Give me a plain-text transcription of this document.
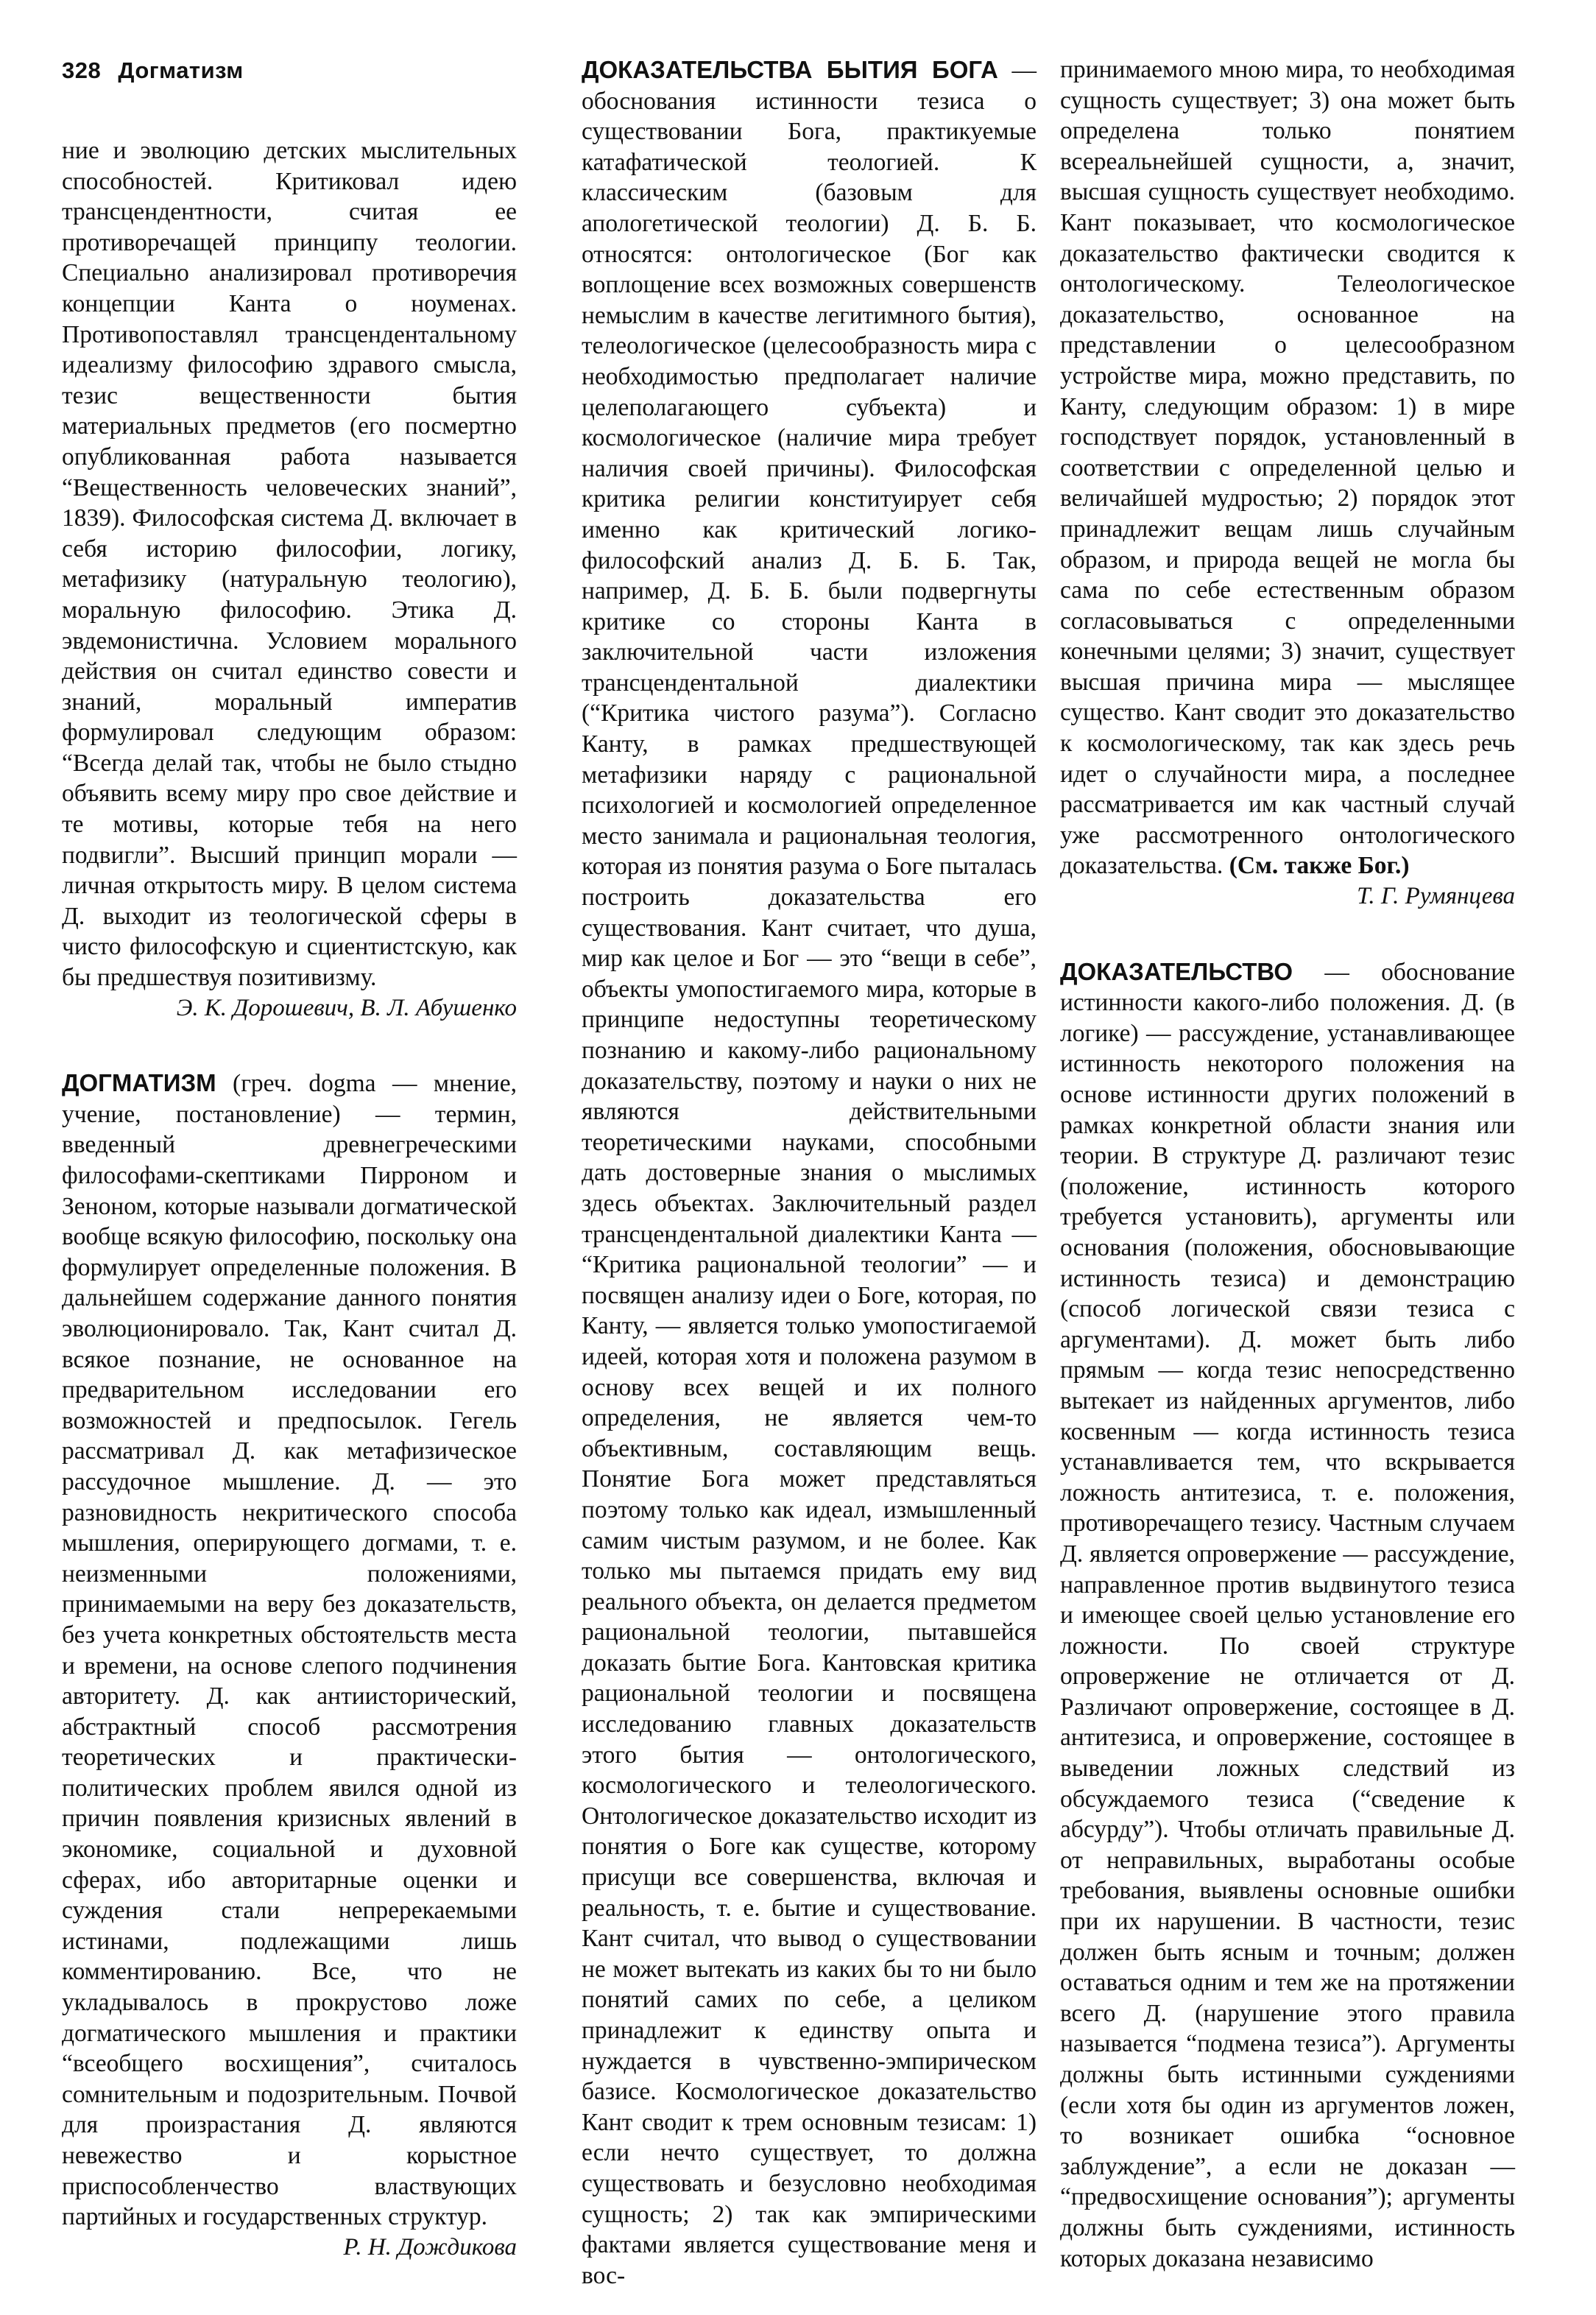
328 Догматизм

ние и эволюцию детских мыслительных способностей. Критиковал идею трансцендентности, считая ее противоречащей принципу теологии. Специально анализировал противоречия концепции Канта о ноуменах. Противопоставлял трансцендентальному идеализму философию здравого смысла, тезис вещественности бытия материальных предметов (его посмертно опубликованная работа называется “Вещественность человеческих знаний”, 1839). Философская система Д. включает в себя историю философии, логику, метафизику (натуральную теологию), моральную философию. Этика Д. эвдемонистична. Условием морального действия он считал единство совести и знаний, моральный императив формулировал следующим образом: “Всегда делай так, чтобы не было стыдно объявить всему миру про свое действие и те мотивы, которые тебя на него подвигли”. Высший принцип морали — личная открытость миру. В целом система Д. выходит из теологической сферы в чисто философскую и сциентистскую, как бы предшествуя позитивизму.

Э. К. Дорошевич, В. Л. Абушенко

ДОГМАТИЗМ (греч. dogma — мнение, учение, постановление) — термин, введенный древнегреческими философами-скептиками Пирроном и Зеноном, которые называли догматической вообще всякую философию, поскольку она формулирует определенные положения. В дальнейшем содержание данного понятия эволюционировало. Так, Кант считал Д. всякое познание, не основанное на предварительном исследовании его возможностей и предпосылок. Гегель рассматривал Д. как метафизическое рассудочное мышление. Д. — это разновидность некритического способа мышления, оперирующего догмами, т. е. неизменными положениями, принимаемыми на веру без доказательств, без учета конкретных обстоятельств места и времени, на основе слепого подчинения авторитету. Д. как антиисторический, абстрактный способ рассмотрения теоретических и практически-политических проблем явился одной из причин появления кризисных явлений в экономике, социальной и духовной сферах, ибо авторитарные оценки и суждения стали непререкаемыми истинами, подлежащими лишь комментированию. Все, что не укладывалось в прокрустово ложе догматического мышления и практики “всеобщего восхищения”, считалось сомнительным и подозрительным. Почвой для произрастания Д. являются невежество и корыстное приспособленчество властвующих партийных и государственных структур.

Р. Н. Дождикова

ДОКАЗАТЕЛЬСТВА БЫТИЯ БОГА — обоснования истинности тезиса о существовании Бога, практикуемые катафатической теологией. К классическим (базовым для апологетической теологии) Д. Б. Б. относятся: онтологическое (Бог как воплощение всех возможных совершенств немыслим в качестве легитимного бытия), телеологическое (целесообразность мира с необходимостью предполагает наличие целеполагающего субъекта) и космологическое (наличие мира требует наличия своей причины). Философская критика религии конституирует себя именно как критический логико-философский анализ Д. Б. Б. Так, например, Д. Б. Б. были подвергнуты критике со стороны Канта в заключительной части изложения трансцендентальной диалектики (“Критика чистого разума”). Согласно Канту, в рамках предшествующей метафизики наряду с рациональной психологией и космологией определенное место занимала и рациональная теология, которая из понятия разума о Боге пыталась построить доказательства его существования. Кант считает, что душа, мир как целое и Бог — это “вещи в себе”, объекты умопостигаемого мира, которые в принципе недоступны теоретическому познанию и какому-либо рациональному доказательству, поэтому и науки о них не являются действительными теоретическими науками, способными дать достоверные знания о мыслимых здесь объектах. Заключительный раздел трансцендентальной диалектики Канта — “Критика рациональной теологии” — и посвящен анализу идеи о Боге, которая, по Канту, — является только умопостигаемой идеей, которая хотя и положена разумом в основу всех вещей и их полного определения, не является чем-то объективным, составляющим вещь. Понятие Бога может представляться поэтому только как идеал, измышленный самим чистым разумом, и не более. Как только мы пытаемся придать ему вид реального объекта, он делается предметом рациональной теологии, пытавшейся доказать бытие Бога. Кантовская критика рациональной теологии и посвящена исследованию главных доказательств этого бытия — онтологического, космологического и телеологического. Онтологическое доказательство исходит из понятия о Боге как существе, которому присущи все совершенства, включая и реальность, т. е. бытие и существование. Кант считал, что вывод о существовании не может вытекать из каких бы то ни было понятий самих по себе, а целиком принадлежит к единству опыта и нуждается в чувственно-эмпирическом базисе. Космологическое доказательство Кант сводит к трем основным тезисам: 1) если нечто существует, то должна существовать и безусловно необходимая сущность; 2) так как эмпирическими фактами является существование меня и вос-

принимаемого мною мира, то необходимая сущность существует; 3) она может быть определена только понятием всереальнейшей сущности, а, значит, высшая сущность существует необходимо. Кант показывает, что космологическое доказательство фактически сводится к онтологическому. Телеологическое доказательство, основанное на представлении о целесообразном устройстве мира, можно представить, по Канту, следующим образом: 1) в мире господствует порядок, установленный в соответствии с определенной целью и величайшей мудростью; 2) порядок этот принадлежит вещам лишь случайным образом, и природа вещей не могла бы сама по себе естественным образом согласовываться с определенными конечными целями; 3) значит, существует высшая причина мира — мыслящее существо. Кант сводит это доказательство к космологическому, так как здесь речь идет о случайности мира, а последнее рассматривается им как частный случай уже рассмотренного онтологического доказательства. (См. также Бог.)

Т. Г. Румянцева

ДОКАЗАТЕЛЬСТВО — обоснование истинности какого-либо положения. Д. (в логике) — рассуждение, устанавливающее истинность некоторого положения на основе истинности других положений в рамках конкретной области знания или теории. В структуре Д. различают тезис (положение, истинность которого требуется установить), аргументы или основания (положения, обосновывающие истинность тезиса) и демонстрацию (способ логической связи тезиса с аргументами). Д. может быть либо прямым — когда тезис непосредственно вытекает из найденных аргументов, либо косвенным — когда истинность тезиса устанавливается тем, что вскрывается ложность антитезиса, т. е. положения, противоречащего тезису. Частным случаем Д. является опровержение — рассуждение, направленное против выдвинутого тезиса и имеющее своей целью установление его ложности. По своей структуре опровержение не отличается от Д. Различают опровержение, состоящее в Д. антитезиса, и опровержение, состоящее в выведении ложных следствий из обсуждаемого тезиса (“сведение к абсурду”). Чтобы отличать правильные Д. от неправильных, выработаны особые требования, выявлены основные ошибки при их нарушении. В частности, тезис должен быть ясным и точным; должен оставаться одним и тем же на протяжении всего Д. (нарушение этого правила называется “подмена тезиса”). Аргументы должны быть истинными суждениями (если хотя бы один из аргументов ложен, то возникает ошибка “основное заблуждение”, а если не доказан — “предвосхищение основания”); аргументы должны быть суждениями, истинность которых доказана независимо
